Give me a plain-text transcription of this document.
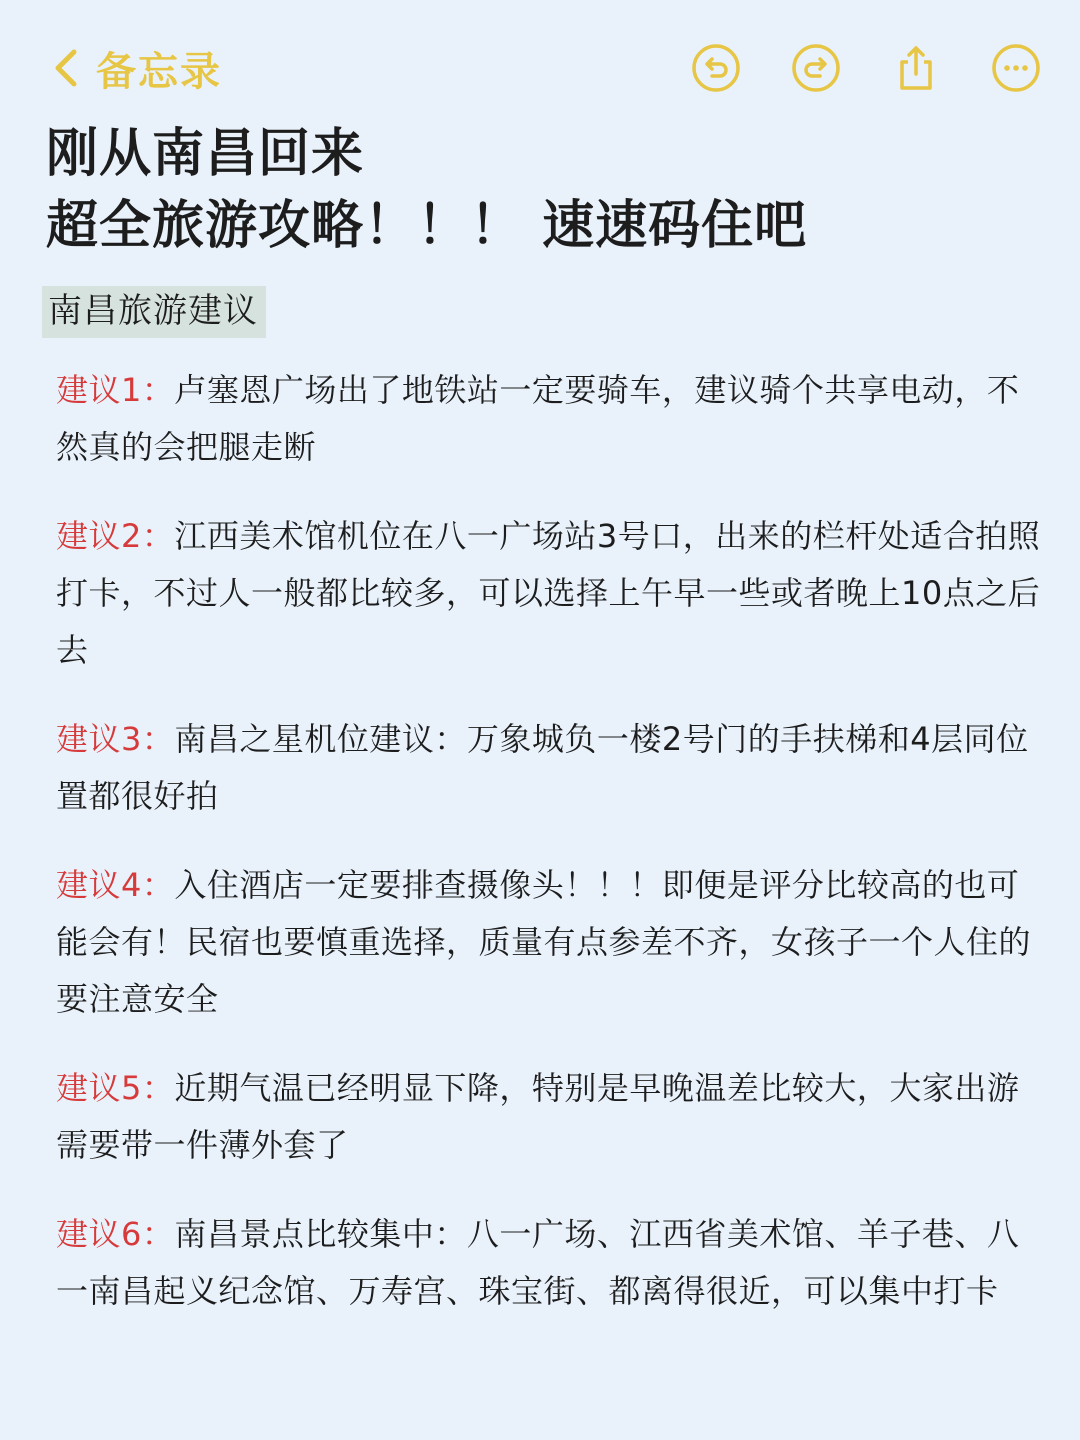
备忘录
刚从南昌回来
超全旅游攻略！！！ 速速码住吧
南昌旅游建议

建议1：卢塞恩广场出了地铁站一定要骑车，建议骑个共享电动，不然真的会把腿走断

建议2：江西美术馆机位在八一广场站3号口，出来的栏杆处适合拍照打卡，不过人一般都比较多，可以选择上午早一些或者晚上10点之后去

建议3：南昌之星机位建议：万象城负一楼2号门的手扶梯和4层同位置都很好拍

建议4：入住酒店一定要排查摄像头！！！即便是评分比较高的也可能会有！民宿也要慎重选择，质量有点参差不齐，女孩子一个人住的要注意安全

建议5：近期气温已经明显下降，特别是早晚温差比较大，大家出游需要带一件薄外套了

建议6：南昌景点比较集中：八一广场、江西省美术馆、羊子巷、八一南昌起义纪念馆、万寿宫、珠宝街、都离得很近，可以集中打卡
